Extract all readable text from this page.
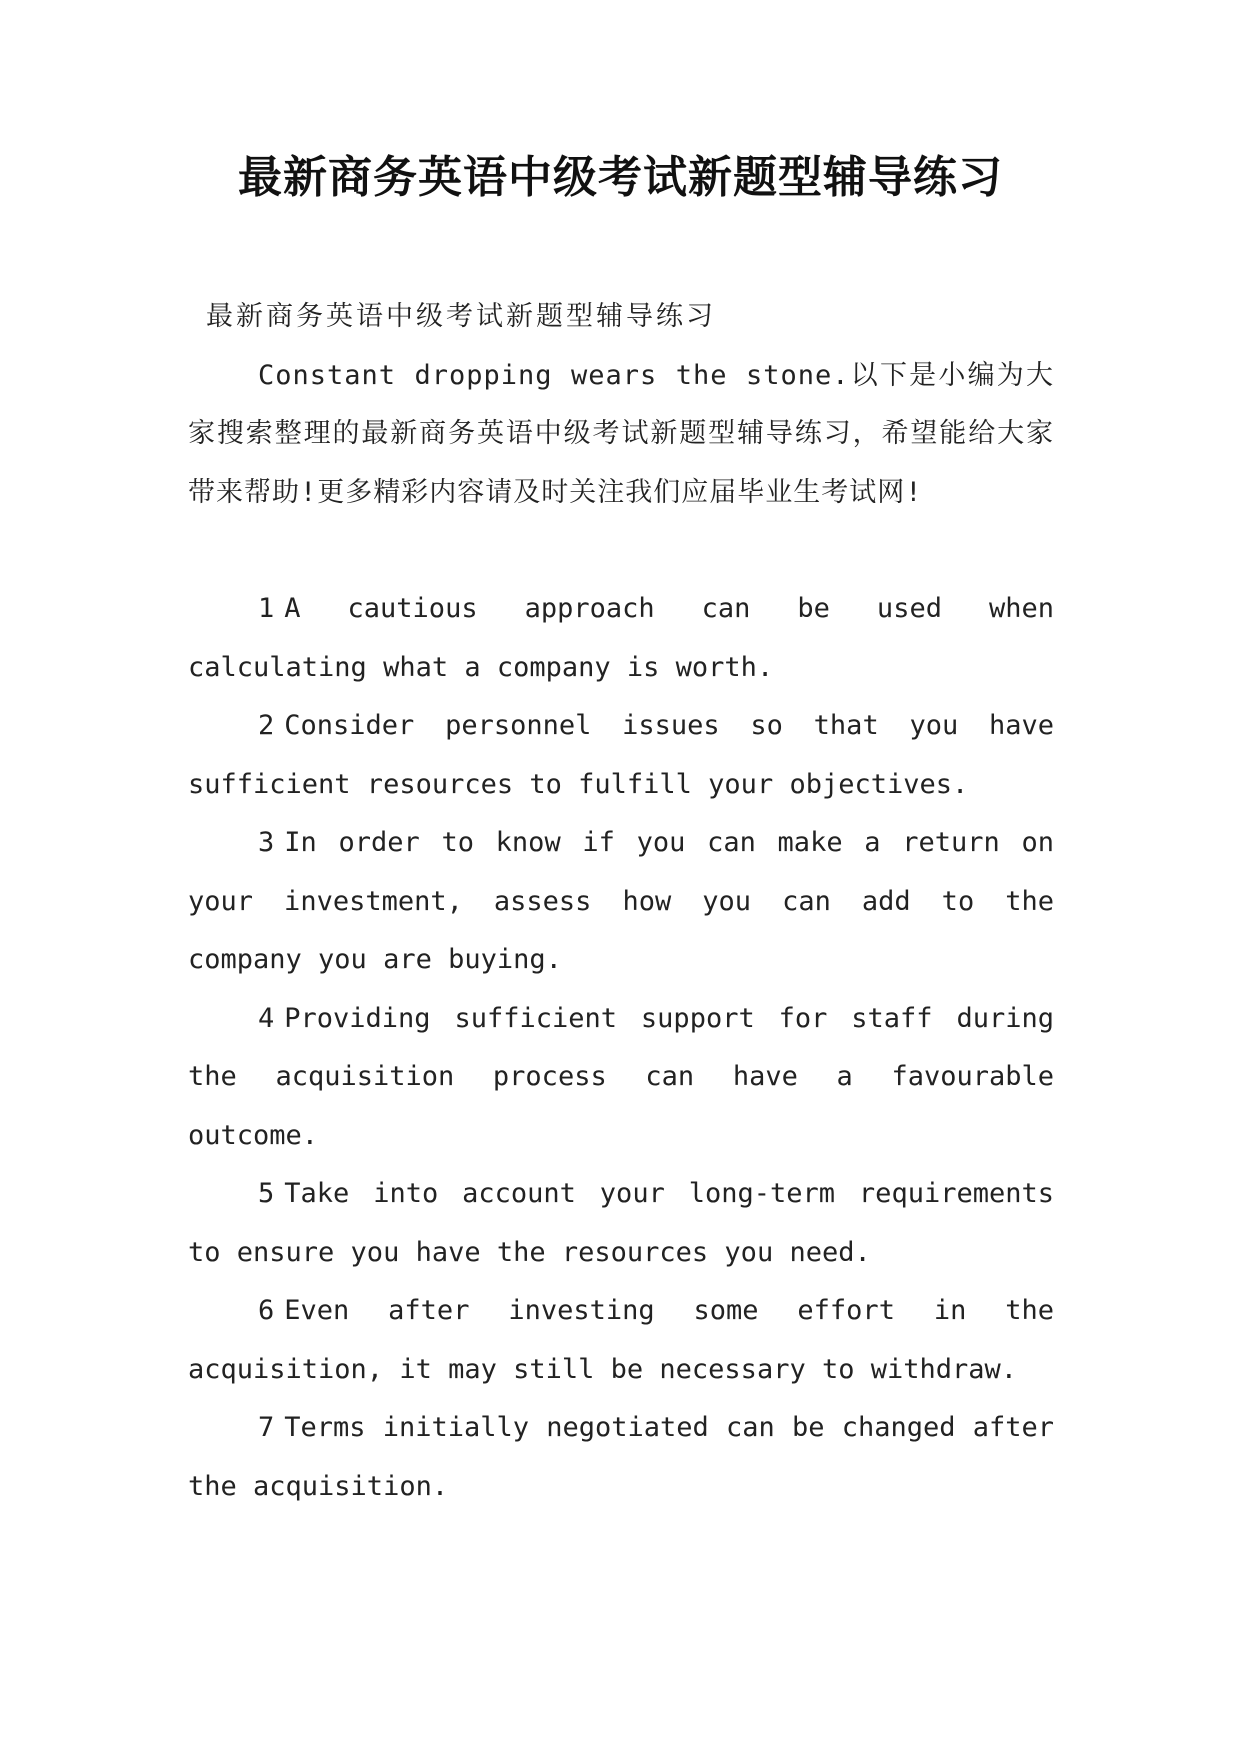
最新商务英语中级考试新题型辅导练习

最新商务英语中级考试新题型辅导练习

Constant dropping wears the stone.以下是小编为大家搜索整理的最新商务英语中级考试新题型辅导练习，希望能给大家带来帮助!更多精彩内容请及时关注我们应届毕业生考试网!

1 A cautious approach can be used when calculating what a company is worth.

2 Consider personnel issues so that you have sufficient resources to fulfill your objectives.

3 In order to know if you can make a return on your investment, assess how you can add to the company you are buying.

4 Providing sufficient support for staff during the acquisition process can have a favourable outcome.

5 Take into account your long-term requirements to ensure you have the resources you need.

6 Even after investing some effort in the acquisition, it may still be necessary to withdraw.

7 Terms initially negotiated can be changed after the acquisition.
